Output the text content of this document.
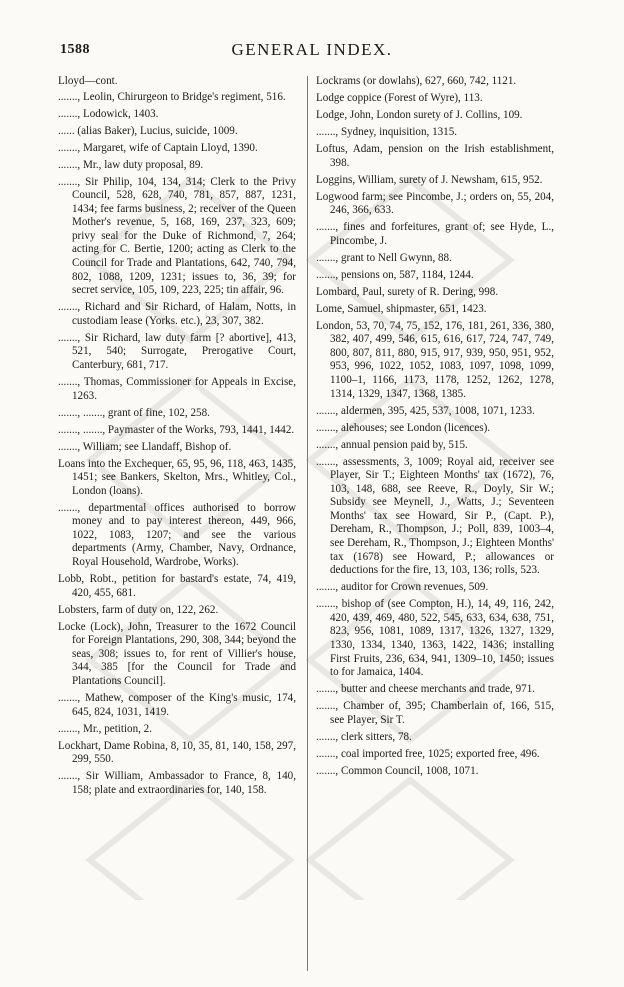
1588	GENERAL INDEX.

Lloyd—cont.

......., Leolin, Chirurgeon to Bridge's regiment, 516.

......., Lodowick, 1403.

...... (alias Baker), Lucius, suicide, 1009.

......., Margaret, wife of Captain Lloyd, 1390.

......., Mr., law duty proposal, 89.

......., Sir Philip, 104, 134, 314; Clerk to the Privy Council, 528, 628, 740, 781, 857, 887, 1231, 1434; fee farms business, 2; receiver of the Queen Mother's revenue, 5, 168, 169, 237, 323, 609; privy seal for the Duke of Richmond, 7, 264; acting for C. Bertie, 1200; acting as Clerk to the Council for Trade and Plantations, 642, 740, 794, 802, 1088, 1209, 1231; issues to, 36, 39; for secret service, 105, 109, 223, 225; tin affair, 96.

......., Richard and Sir Richard, of Halam, Notts, in custodiam lease (Yorks. etc.), 23, 307, 382.

......., Sir Richard, law duty farm [? abortive], 413, 521, 540; Surrogate, Prerogative Court, Canterbury, 681, 717.

......., Thomas, Commissioner for Appeals in Excise, 1263.

......., ......., grant of fine, 102, 258.

......., ......., Paymaster of the Works, 793, 1441, 1442.

......., William; see Llandaff, Bishop of.

Loans into the Exchequer, 65, 95, 96, 118, 463, 1435, 1451; see Bankers, Skelton, Mrs., Whitley, Col., London (loans).

......., departmental offices authorised to borrow money and to pay interest thereon, 449, 966, 1022, 1083, 1207; and see the various departments (Army, Chamber, Navy, Ordnance, Royal Household, Wardrobe, Works).

Lobb, Robt., petition for bastard's estate, 74, 419, 420, 455, 681.

Lobsters, farm of duty on, 122, 262.

Locke (Lock), John, Treasurer to the 1672 Council for Foreign Plantations, 290, 308, 344; beyond the seas, 308; issues to, for rent of Villier's house, 344, 385 [for the Council for Trade and Plantations Council].

......., Mathew, composer of the King's music, 174, 645, 824, 1031, 1419.

......., Mr., petition, 2.

Lockhart, Dame Robina, 8, 10, 35, 81, 140, 158, 297, 299, 550.

......., Sir William, Ambassador to France, 8, 140, 158; plate and extraordinaries for, 140, 158.

Lockrams (or dowlahs), 627, 660, 742, 1121.

Lodge coppice (Forest of Wyre), 113.

Lodge, John, London surety of J. Collins, 109.

......., Sydney, inquisition, 1315.

Loftus, Adam, pension on the Irish establishment, 398.

Loggins, William, surety of J. Newsham, 615, 952.

Logwood farm; see Pincombe, J.; orders on, 55, 204, 246, 366, 633.

......., fines and forfeitures, grant of; see Hyde, L., Pincombe, J.

......., grant to Nell Gwynn, 88.

......., pensions on, 587, 1184, 1244.

Lombard, Paul, surety of R. Dering, 998.

Lome, Samuel, shipmaster, 651, 1423.

London, 53, 70, 74, 75, 152, 176, 181, 261, 336, 380, 382, 407, 499, 546, 615, 616, 617, 724, 747, 749, 800, 807, 811, 880, 915, 917, 939, 950, 951, 952, 953, 996, 1022, 1052, 1083, 1097, 1098, 1099, 1100–1, 1166, 1173, 1178, 1252, 1262, 1278, 1314, 1329, 1347, 1368, 1385.

......., aldermen, 395, 425, 537, 1008, 1071, 1233.

......., alehouses; see London (licences).

......., annual pension paid by, 515.

......., assessments, 3, 1009; Royal aid, receiver see Player, Sir T.; Eighteen Months' tax (1672), 76, 103, 148, 688, see Reeve, R., Doyly, Sir W.; Subsidy see Meynell, J., Watts, J.; Seventeen Months' tax see Howard, Sir P., (Capt. P.), Dereham, R., Thompson, J.; Poll, 839, 1003–4, see Dereham, R., Thompson, J.; Eighteen Months' tax (1678) see Howard, P.; allowances or deductions for the fire, 13, 103, 136; rolls, 523.

......., auditor for Crown revenues, 509.

......., bishop of (see Compton, H.), 14, 49, 116, 242, 420, 439, 469, 480, 522, 545, 633, 634, 638, 751, 823, 956, 1081, 1089, 1317, 1326, 1327, 1329, 1330, 1334, 1340, 1363, 1422, 1436; installing First Fruits, 236, 634, 941, 1309–10, 1450; issues to for Jamaica, 1404.

......., butter and cheese merchants and trade, 971.

......., Chamber of, 395; Chamberlain of, 166, 515, see Player, Sir T.

......., clerk sitters, 78.

......., coal imported free, 1025; exported free, 496.

......., Common Council, 1008, 1071.
